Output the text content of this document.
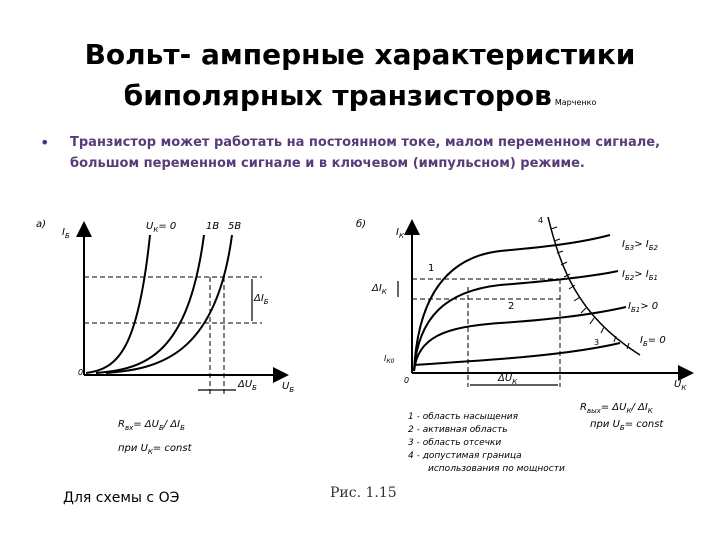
Вольт- амперные характеристики
биполярных транзисторов Марченко
•	Транзистор может работать на постоянном токе, малом переменном сигнале, большом переменном сигнале и в ключевом (импульсном) режиме.
а)
$I_Б$
$U_Б$
0
$U_К= 0$	1В 5В
$\Delta I_Б$
$\Delta U_Б$
$R_{вх}= \Delta U_Б/$ $\Delta I_Б$
при $U_К=$ const
б)
$I_К$
$U_К$
0
$I_{К0}$
1
2
3
4
$I_{Б3}> I_{Б2}$
$I_{Б2}> I_{Б1}$
$I_{Б1}> 0$
$I_Б= 0$
$\Delta I_К$
$\Delta U_К$
$R_{вых}= \Delta U_К/$ $\Delta I_К$
при $U_Б=$ const
1 - область насыщения
2 - активная область
3 - область отсечки
4 - допустимая граница
использования по мощности
Рис. 1.15
Для схемы с ОЭ
